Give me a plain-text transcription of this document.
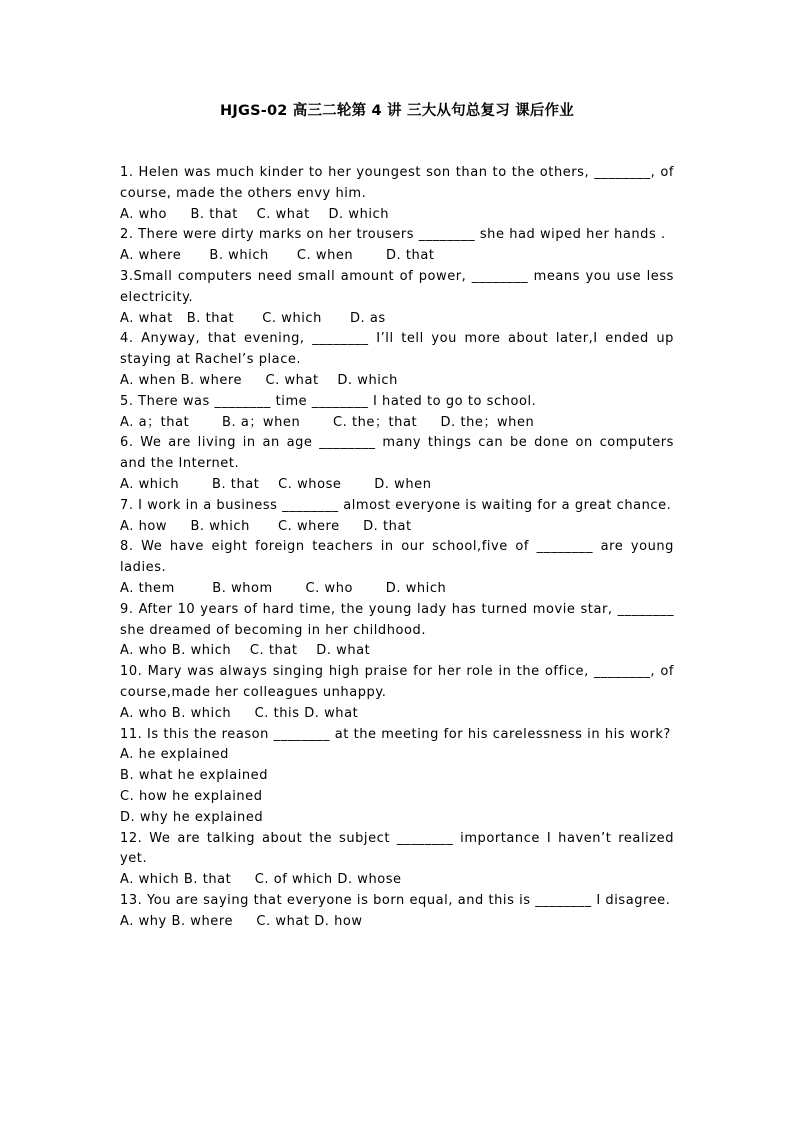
HJGS-02 高三二轮第 4 讲 三大从句总复习 课后作业

1. Helen was much kinder to her youngest son than to the others, ________, of course, made the others envy him.

A. who     B. that    C. what    D. which

2. There were dirty marks on her trousers ________ she had wiped her hands .

A. where      B. which      C. when       D. that

3.Small computers need small amount of power, ________ means you use less electricity.

A. what   B. that      C. which      D. as

4. Anyway, that evening, ________ I’ll tell you more about later,I ended up staying at Rachel’s place.

A. when B. where     C. what    D. which

5. There was ________ time ________ I hated to go to school.

A. a；that       B. a；when       C. the；that     D. the；when

6. We are living in an age ________ many things can be done on computers and the Internet.

A. which       B. that    C. whose       D. when

7. I work in a business ________ almost everyone is waiting for a great chance.

A. how     B. which      C. where     D. that

8. We have eight foreign teachers in our school,five of ________ are young ladies.

A. them        B. whom       C. who       D. which

9. After 10 years of hard time, the young lady has turned movie star, ________ she dreamed of becoming in her childhood.

A. who B. which    C. that    D. what

10. Mary was always singing high praise for her role in the office, ________, of course,made her colleagues unhappy.

A. who B. which     C. this D. what

11. Is this the reason ________ at the meeting for his carelessness in his work?

A. he explained

B. what he explained

C. how he explained

D. why he explained

12. We are talking about the subject ________ importance I haven’t realized yet.

A. which B. that     C. of which D. whose

13. You are saying that everyone is born equal, and this is ________ I disagree.

A. why B. where     C. what D. how
